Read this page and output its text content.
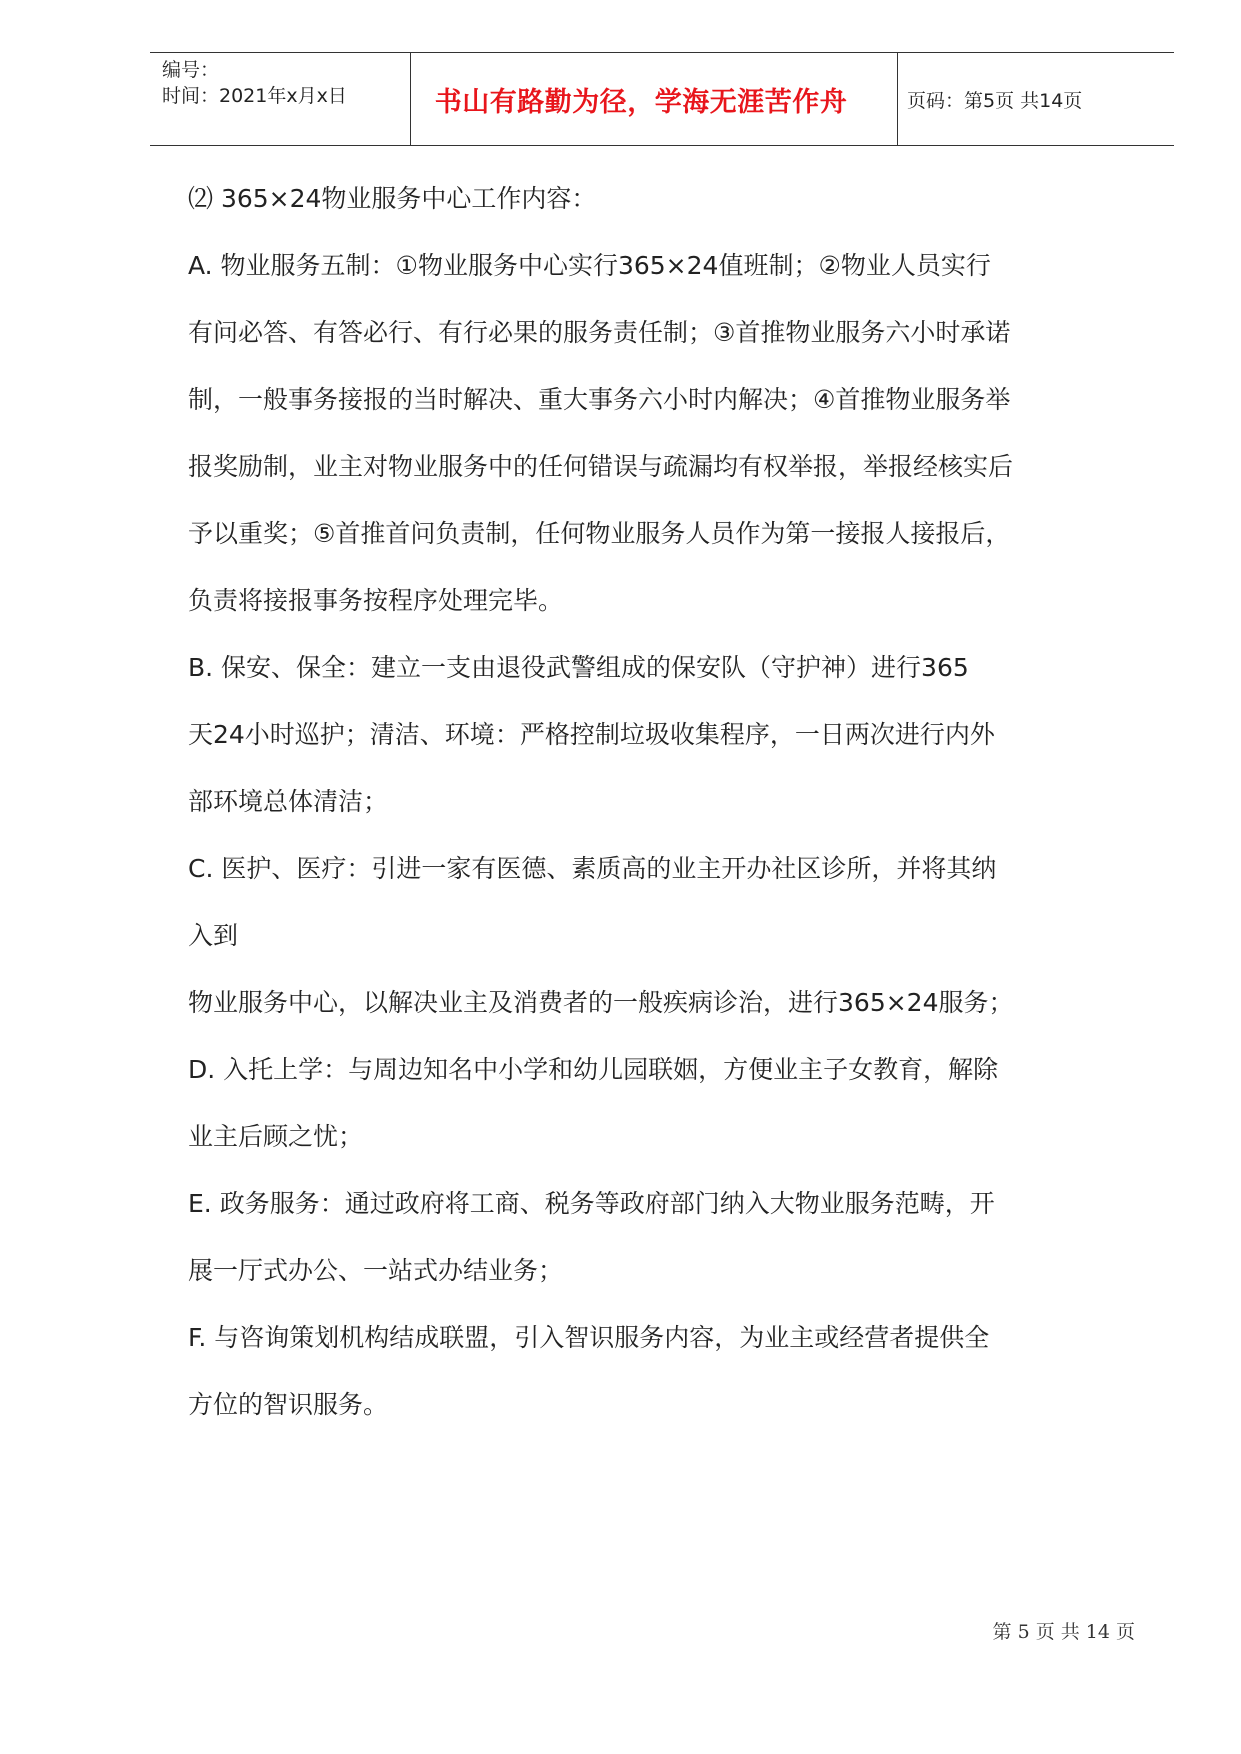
编号：
时间：2021年x月x日	书山有路勤为径，学海无涯苦作舟	页码：第5页 共14页
⑵ 365×24物业服务中心工作内容：
A. 物业服务五制：①物业服务中心实行365×24值班制；②物业人员实行
有问必答、有答必行、有行必果的服务责任制；③首推物业服务六小时承诺
制，一般事务接报的当时解决、重大事务六小时内解决；④首推物业服务举
报奖励制，业主对物业服务中的任何错误与疏漏均有权举报，举报经核实后
予以重奖；⑤首推首问负责制，任何物业服务人员作为第一接报人接报后，
负责将接报事务按程序处理完毕。
B. 保安、保全：建立一支由退役武警组成的保安队（守护神）进行365
天24小时巡护；清洁、环境：严格控制垃圾收集程序，一日两次进行内外
部环境总体清洁；
C. 医护、医疗：引进一家有医德、素质高的业主开办社区诊所，并将其纳
入到
物业服务中心，以解决业主及消费者的一般疾病诊治，进行365×24服务；
D. 入托上学：与周边知名中小学和幼儿园联姻，方便业主子女教育，解除
业主后顾之忧；
E. 政务服务：通过政府将工商、税务等政府部门纳入大物业服务范畴，开
展一厅式办公、一站式办结业务；
F. 与咨询策划机构结成联盟，引入智识服务内容，为业主或经营者提供全
方位的智识服务。
第 5 页 共 14 页
